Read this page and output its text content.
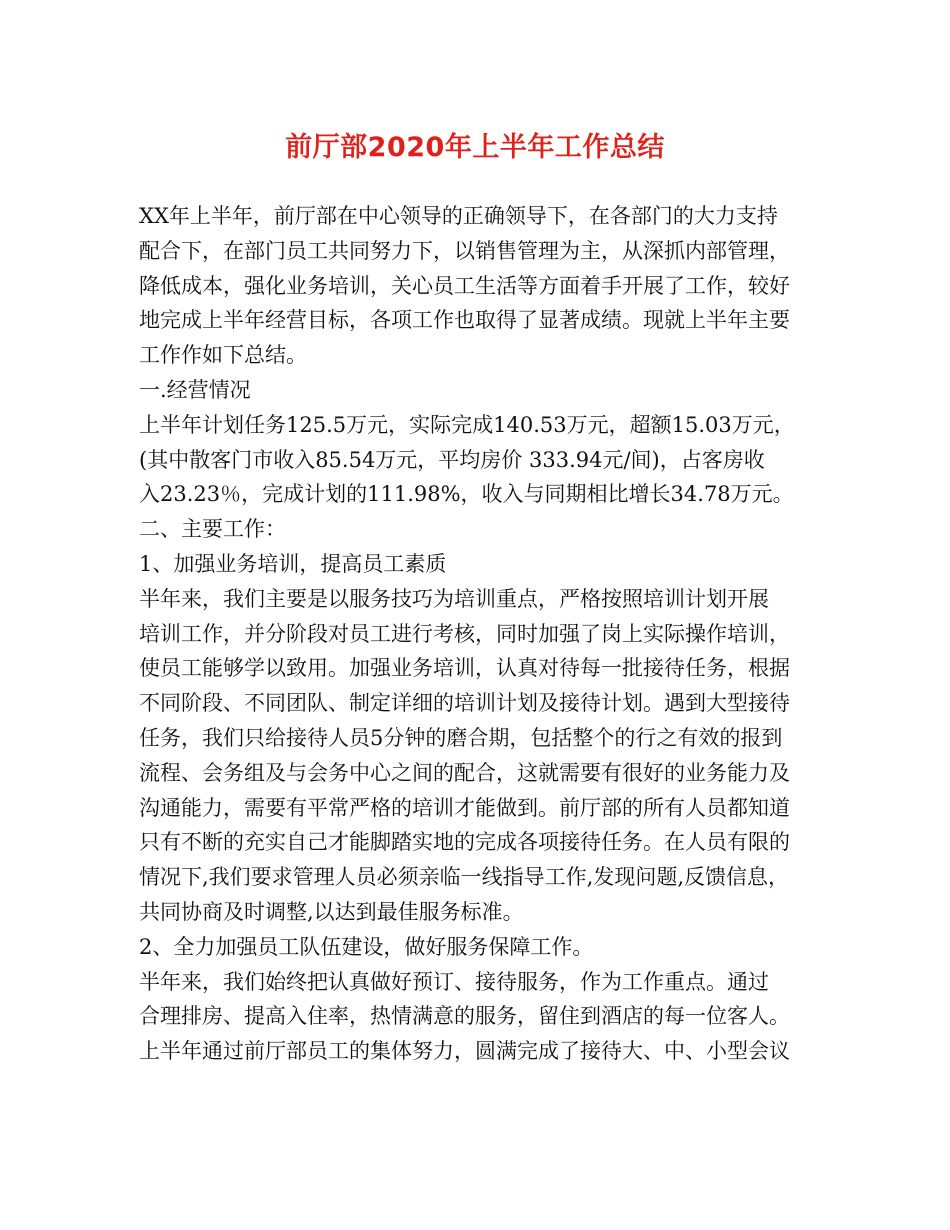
前厅部2020年上半年工作总结
XX年上半年，前厅部在中心领导的正确领导下，在各部门的大力支持
配合下，在部门员工共同努力下，以销售管理为主，从深抓内部管理，
降低成本，强化业务培训，关心员工生活等方面着手开展了工作，较好
地完成上半年经营目标，各项工作也取得了显著成绩。现就上半年主要
工作作如下总结。
一.经营情况
上半年计划任务125.5万元，实际完成140.53万元，超额15.03万元，
(其中散客门市收入85.54万元，平均房价 333.94元/间)，占客房收
入23.23％，完成计划的111.98%，收入与同期相比增长34.78万元。
二、主要工作：
1、加强业务培训，提高员工素质
半年来，我们主要是以服务技巧为培训重点，严格按照培训计划开展
培训工作，并分阶段对员工进行考核，同时加强了岗上实际操作培训，
使员工能够学以致用。加强业务培训，认真对待每一批接待任务，根据
不同阶段、不同团队、制定详细的培训计划及接待计划。遇到大型接待
任务，我们只给接待人员5分钟的磨合期，包括整个的行之有效的报到
流程、会务组及与会务中心之间的配合，这就需要有很好的业务能力及
沟通能力，需要有平常严格的培训才能做到。前厅部的所有人员都知道
只有不断的充实自己才能脚踏实地的完成各项接待任务。在人员有限的
情况下,我们要求管理人员必须亲临一线指导工作,发现问题,反馈信息，
共同协商及时调整,以达到最佳服务标准。
2、全力加强员工队伍建设，做好服务保障工作。
半年来，我们始终把认真做好预订、接待服务，作为工作重点。通过
合理排房、提高入住率，热情满意的服务，留住到酒店的每一位客人。
上半年通过前厅部员工的集体努力，圆满完成了接待大、中、小型会议
